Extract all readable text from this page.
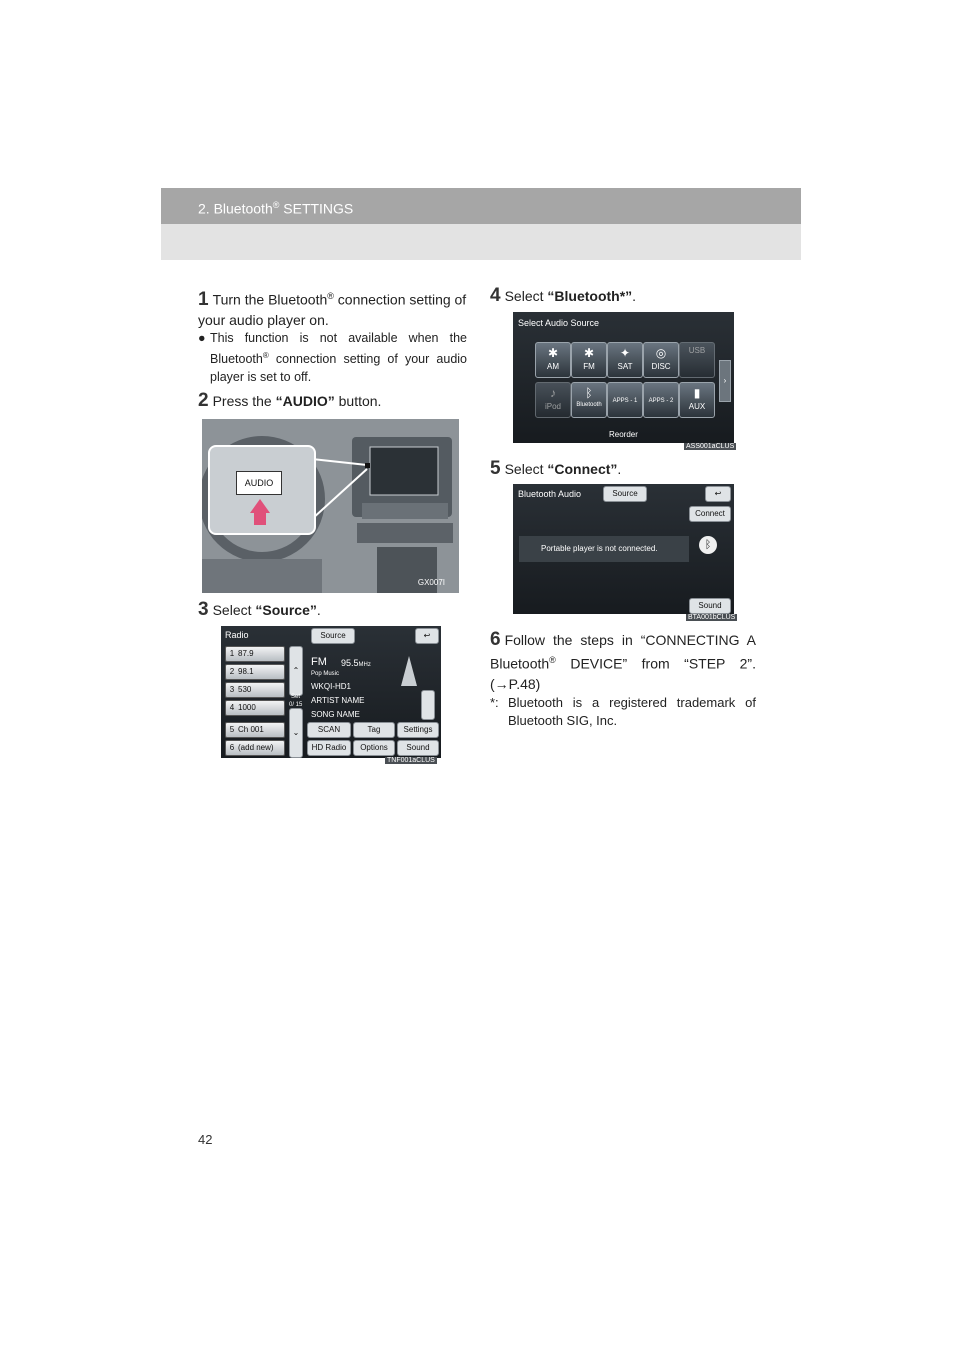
2. Bluetooth® SETTINGS
1 Turn the Bluetooth® connection setting of your audio player on.
● This function is not available when the Bluetooth® connection setting of your audio player is set to off.
2 Press the “AUDIO” button.
AUDIO
GX007I
3 Select “Source”.
Radio	Source	↩
1 87.9
2 98.1
3 530
4 1000
5 Ch 001
6 (add new)
⌃
⌄
Set
0/ 15
FM 95.5MHz
Pop Music
WKQI-HD1
ARTIST NAME
SONG NAME
SCAN	Tag	Settings
HD Radio	Options	Sound
TNF001aCLUS
4 Select “Bluetooth*”.
Select Audio Source
✱
AM
✱
FM
✦
SAT
◎
DISC
USB
♪
iPod
ᛒ
Bluetooth
APPS - 1	APPS - 2
▮
AUX
›
Reorder
ASS001aCLUS
5 Select “Connect”.
Bluetooth Audio	Source	↩
Connect
Portable player is not connected.	ᛒ
Sound
BTA001bCLUS
6 Follow the steps in “CONNECTING A Bluetooth® DEVICE” from “STEP 2”. (→P.48)
*: Bluetooth is a registered trademark of Bluetooth SIG, Inc.
42
